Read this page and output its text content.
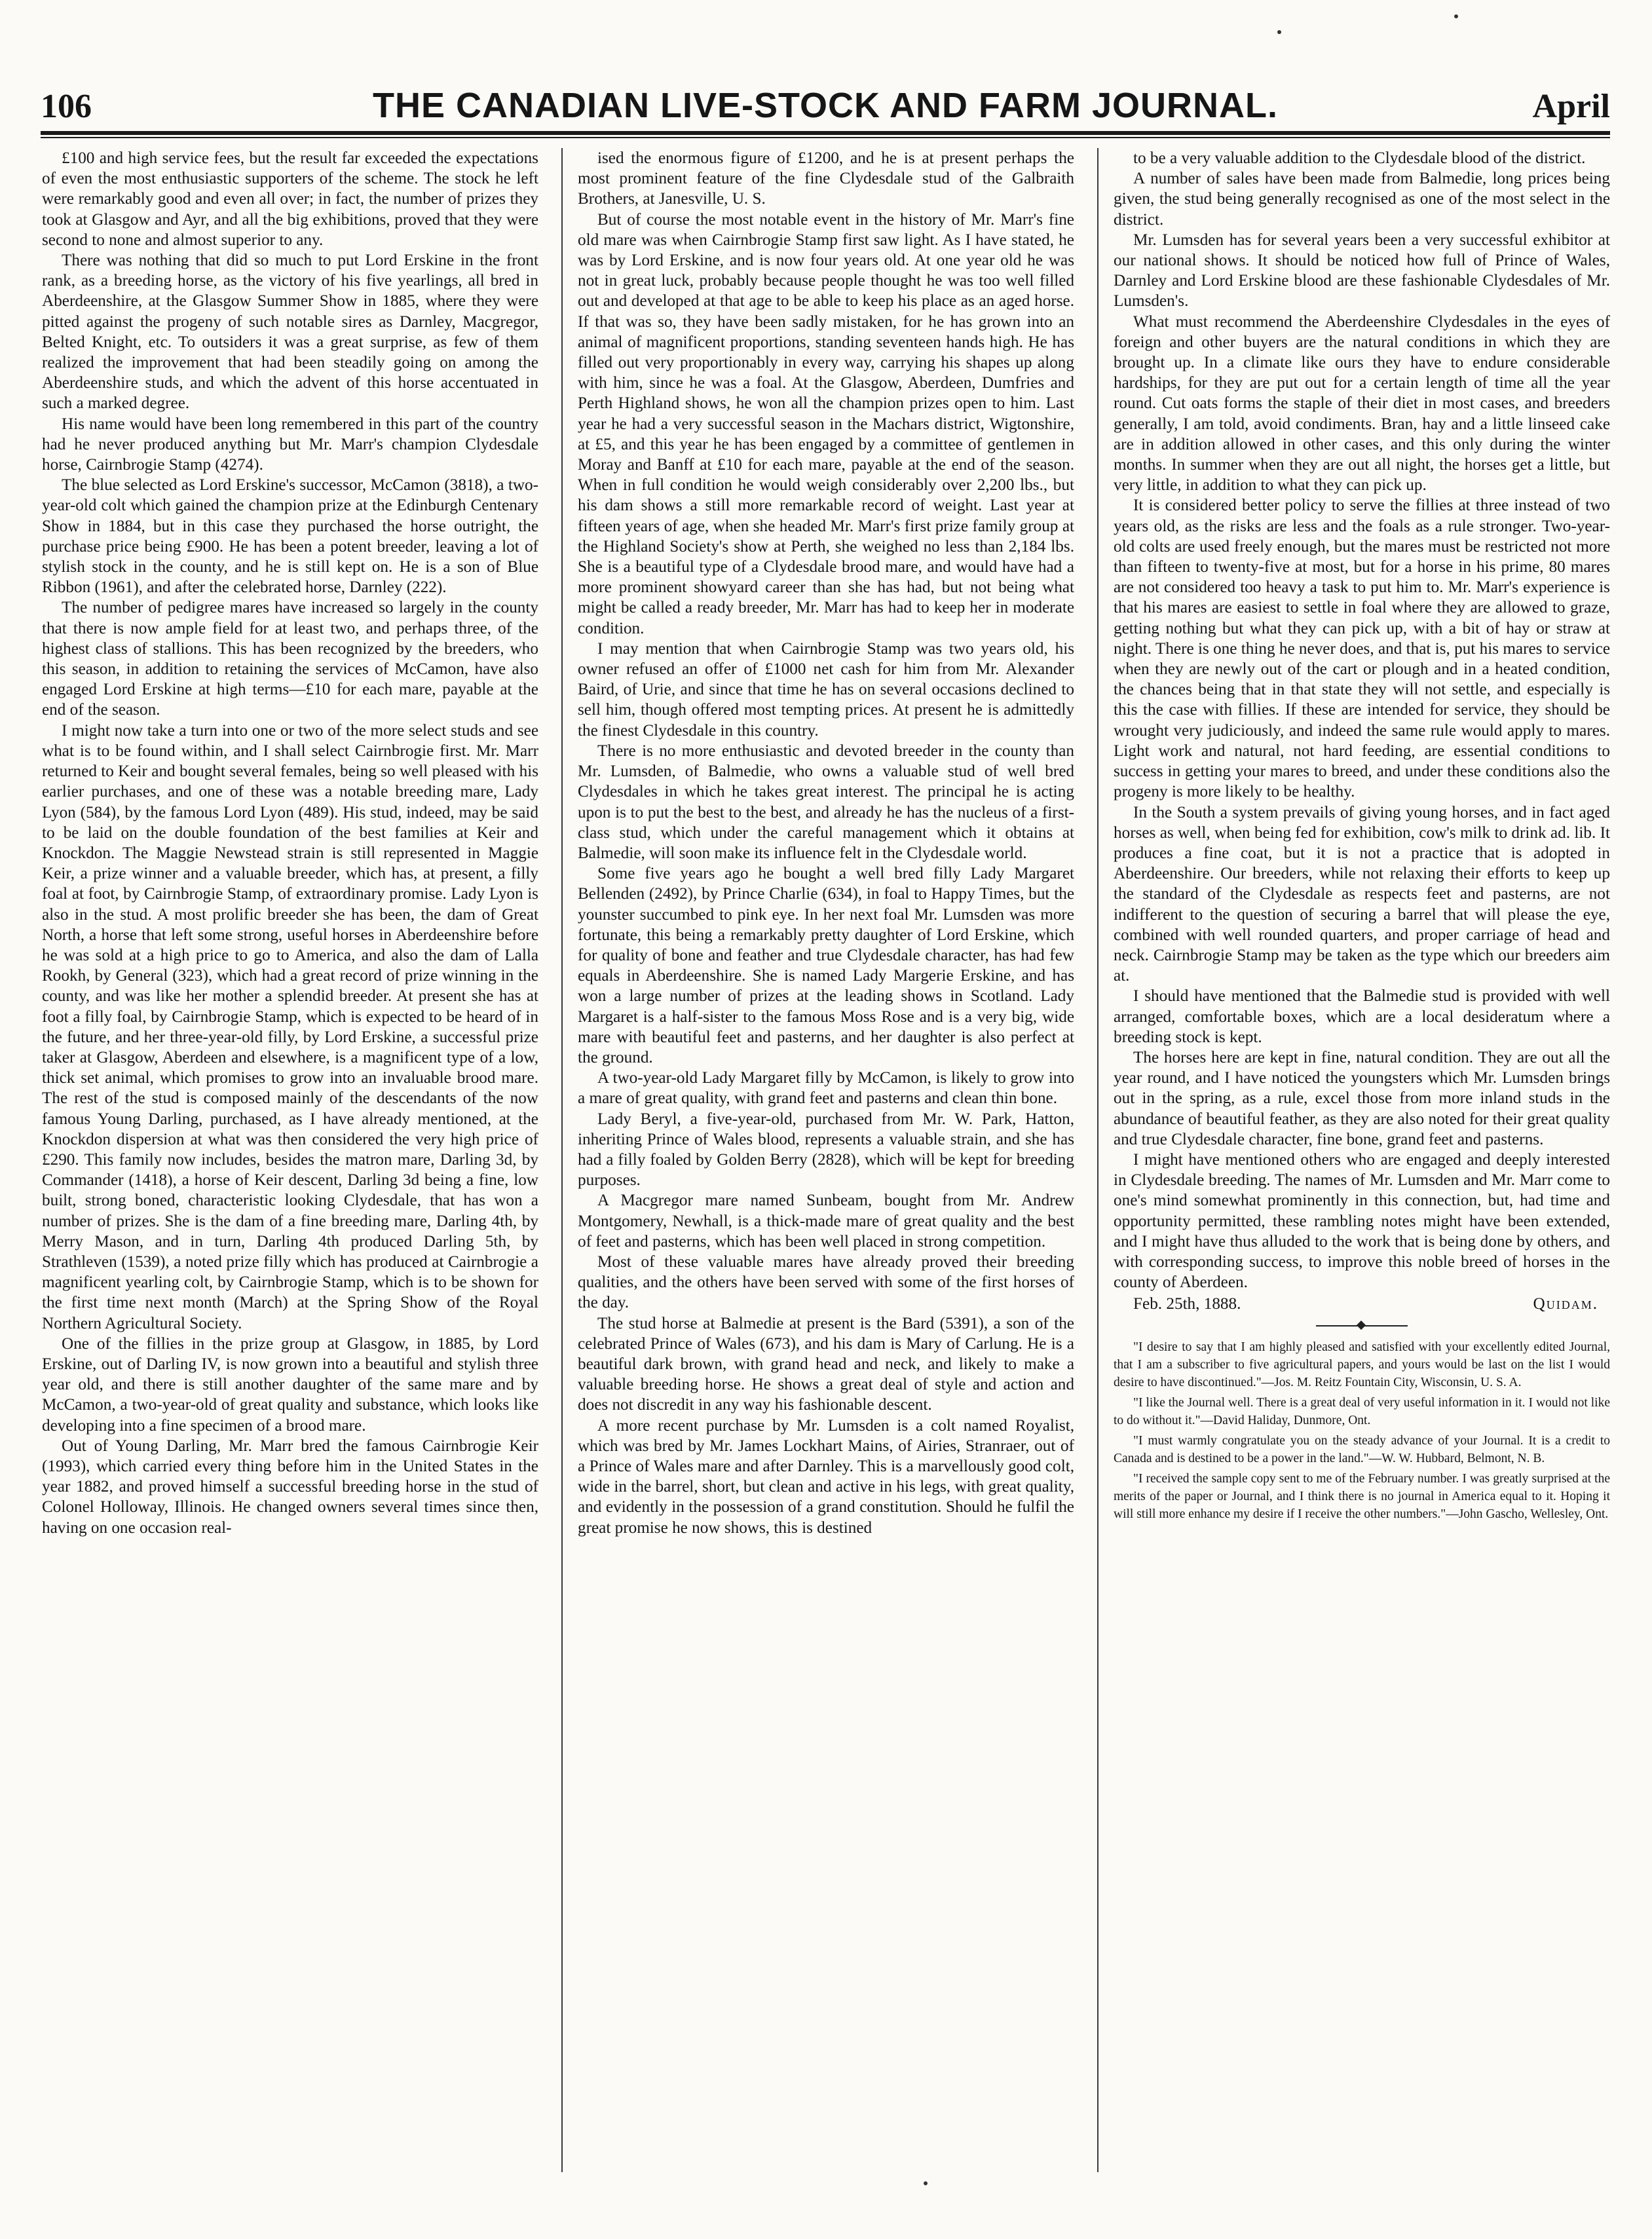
106	THE CANADIAN LIVE-STOCK AND FARM JOURNAL.	April

£100 and high service fees, but the result far exceeded the expectations of even the most enthusiastic supporters of the scheme. The stock he left were remarkably good and even all over; in fact, the number of prizes they took at Glasgow and Ayr, and all the big exhibitions, proved that they were second to none and almost superior to any.

There was nothing that did so much to put Lord Erskine in the front rank, as a breeding horse, as the victory of his five yearlings, all bred in Aberdeenshire, at the Glasgow Summer Show in 1885, where they were pitted against the progeny of such notable sires as Darnley, Macgregor, Belted Knight, etc. To outsiders it was a great surprise, as few of them realized the improvement that had been steadily going on among the Aberdeenshire studs, and which the advent of this horse accentuated in such a marked degree.

His name would have been long remembered in this part of the country had he never produced anything but Mr. Marr's champion Clydesdale horse, Cairnbrogie Stamp (4274).

The blue selected as Lord Erskine's successor, McCamon (3818), a two-year-old colt which gained the champion prize at the Edinburgh Centenary Show in 1884, but in this case they purchased the horse outright, the purchase price being £900. He has been a potent breeder, leaving a lot of stylish stock in the county, and he is still kept on. He is a son of Blue Ribbon (1961), and after the celebrated horse, Darnley (222).

The number of pedigree mares have increased so largely in the county that there is now ample field for at least two, and perhaps three, of the highest class of stallions. This has been recognized by the breeders, who this season, in addition to retaining the services of McCamon, have also engaged Lord Erskine at high terms—£10 for each mare, payable at the end of the season.

I might now take a turn into one or two of the more select studs and see what is to be found within, and I shall select Cairnbrogie first. Mr. Marr returned to Keir and bought several females, being so well pleased with his earlier purchases, and one of these was a notable breeding mare, Lady Lyon (584), by the famous Lord Lyon (489). His stud, indeed, may be said to be laid on the double foundation of the best families at Keir and Knockdon. The Maggie Newstead strain is still represented in Maggie Keir, a prize winner and a valuable breeder, which has, at present, a filly foal at foot, by Cairnbrogie Stamp, of extraordinary promise. Lady Lyon is also in the stud. A most prolific breeder she has been, the dam of Great North, a horse that left some strong, useful horses in Aberdeenshire before he was sold at a high price to go to America, and also the dam of Lalla Rookh, by General (323), which had a great record of prize winning in the county, and was like her mother a splendid breeder. At present she has at foot a filly foal, by Cairnbrogie Stamp, which is expected to be heard of in the future, and her three-year-old filly, by Lord Erskine, a successful prize taker at Glasgow, Aberdeen and elsewhere, is a magnificent type of a low, thick set animal, which promises to grow into an invaluable brood mare. The rest of the stud is composed mainly of the descendants of the now famous Young Darling, purchased, as I have already mentioned, at the Knockdon dispersion at what was then considered the very high price of £290. This family now includes, besides the matron mare, Darling 3d, by Commander (1418), a horse of Keir descent, Darling 3d being a fine, low built, strong boned, characteristic looking Clydesdale, that has won a number of prizes. She is the dam of a fine breeding mare, Darling 4th, by Merry Mason, and in turn, Darling 4th produced Darling 5th, by Strathleven (1539), a noted prize filly which has produced at Cairnbrogie a magnificent yearling colt, by Cairnbrogie Stamp, which is to be shown for the first time next month (March) at the Spring Show of the Royal Northern Agricultural Society.

One of the fillies in the prize group at Glasgow, in 1885, by Lord Erskine, out of Darling IV, is now grown into a beautiful and stylish three year old, and there is still another daughter of the same mare and by McCamon, a two-year-old of great quality and substance, which looks like developing into a fine specimen of a brood mare.

Out of Young Darling, Mr. Marr bred the famous Cairnbrogie Keir (1993), which carried every thing before him in the United States in the year 1882, and proved himself a successful breeding horse in the stud of Colonel Holloway, Illinois. He changed owners several times since then, having on one occasion real-

ised the enormous figure of £1200, and he is at present perhaps the most prominent feature of the fine Clydesdale stud of the Galbraith Brothers, at Janesville, U. S.

But of course the most notable event in the history of Mr. Marr's fine old mare was when Cairnbrogie Stamp first saw light. As I have stated, he was by Lord Erskine, and is now four years old. At one year old he was not in great luck, probably because people thought he was too well filled out and developed at that age to be able to keep his place as an aged horse. If that was so, they have been sadly mistaken, for he has grown into an animal of magnificent proportions, standing seventeen hands high. He has filled out very proportionably in every way, carrying his shapes up along with him, since he was a foal. At the Glasgow, Aberdeen, Dumfries and Perth Highland shows, he won all the champion prizes open to him. Last year he had a very successful season in the Machars district, Wigtonshire, at £5, and this year he has been engaged by a committee of gentlemen in Moray and Banff at £10 for each mare, payable at the end of the season. When in full condition he would weigh considerably over 2,200 lbs., but his dam shows a still more remarkable record of weight. Last year at fifteen years of age, when she headed Mr. Marr's first prize family group at the Highland Society's show at Perth, she weighed no less than 2,184 lbs. She is a beautiful type of a Clydesdale brood mare, and would have had a more prominent showyard career than she has had, but not being what might be called a ready breeder, Mr. Marr has had to keep her in moderate condition.

I may mention that when Cairnbrogie Stamp was two years old, his owner refused an offer of £1000 net cash for him from Mr. Alexander Baird, of Urie, and since that time he has on several occasions declined to sell him, though offered most tempting prices. At present he is admittedly the finest Clydesdale in this country.

There is no more enthusiastic and devoted breeder in the county than Mr. Lumsden, of Balmedie, who owns a valuable stud of well bred Clydesdales in which he takes great interest. The principal he is acting upon is to put the best to the best, and already he has the nucleus of a first-class stud, which under the careful management which it obtains at Balmedie, will soon make its influence felt in the Clydesdale world.

Some five years ago he bought a well bred filly Lady Margaret Bellenden (2492), by Prince Charlie (634), in foal to Happy Times, but the younster succumbed to pink eye. In her next foal Mr. Lumsden was more fortunate, this being a remarkably pretty daughter of Lord Erskine, which for quality of bone and feather and true Clydesdale character, has had few equals in Aberdeenshire. She is named Lady Margerie Erskine, and has won a large number of prizes at the leading shows in Scotland. Lady Margaret is a half-sister to the famous Moss Rose and is a very big, wide mare with beautiful feet and pasterns, and her daughter is also perfect at the ground.

A two-year-old Lady Margaret filly by McCamon, is likely to grow into a mare of great quality, with grand feet and pasterns and clean thin bone.

Lady Beryl, a five-year-old, purchased from Mr. W. Park, Hatton, inheriting Prince of Wales blood, represents a valuable strain, and she has had a filly foaled by Golden Berry (2828), which will be kept for breeding purposes.

A Macgregor mare named Sunbeam, bought from Mr. Andrew Montgomery, Newhall, is a thick-made mare of great quality and the best of feet and pasterns, which has been well placed in strong competition.

Most of these valuable mares have already proved their breeding qualities, and the others have been served with some of the first horses of the day.

The stud horse at Balmedie at present is the Bard (5391), a son of the celebrated Prince of Wales (673), and his dam is Mary of Carlung. He is a beautiful dark brown, with grand head and neck, and likely to make a valuable breeding horse. He shows a great deal of style and action and does not discredit in any way his fashionable descent.

A more recent purchase by Mr. Lumsden is a colt named Royalist, which was bred by Mr. James Lockhart Mains, of Airies, Stranraer, out of a Prince of Wales mare and after Darnley. This is a marvellously good colt, wide in the barrel, short, but clean and active in his legs, with great quality, and evidently in the possession of a grand constitution. Should he fulfil the great promise he now shows, this is destined

to be a very valuable addition to the Clydesdale blood of the district.

A number of sales have been made from Balmedie, long prices being given, the stud being generally recognised as one of the most select in the district.

Mr. Lumsden has for several years been a very successful exhibitor at our national shows. It should be noticed how full of Prince of Wales, Darnley and Lord Erskine blood are these fashionable Clydesdales of Mr. Lumsden's.

What must recommend the Aberdeenshire Clydesdales in the eyes of foreign and other buyers are the natural conditions in which they are brought up. In a climate like ours they have to endure considerable hardships, for they are put out for a certain length of time all the year round. Cut oats forms the staple of their diet in most cases, and breeders generally, I am told, avoid condiments. Bran, hay and a little linseed cake are in addition allowed in other cases, and this only during the winter months. In summer when they are out all night, the horses get a little, but very little, in addition to what they can pick up.

It is considered better policy to serve the fillies at three instead of two years old, as the risks are less and the foals as a rule stronger. Two-year-old colts are used freely enough, but the mares must be restricted not more than fifteen to twenty-five at most, but for a horse in his prime, 80 mares are not considered too heavy a task to put him to. Mr. Marr's experience is that his mares are easiest to settle in foal where they are allowed to graze, getting nothing but what they can pick up, with a bit of hay or straw at night. There is one thing he never does, and that is, put his mares to service when they are newly out of the cart or plough and in a heated condition, the chances being that in that state they will not settle, and especially is this the case with fillies. If these are intended for service, they should be wrought very judiciously, and indeed the same rule would apply to mares. Light work and natural, not hard feeding, are essential conditions to success in getting your mares to breed, and under these conditions also the progeny is more likely to be healthy.

In the South a system prevails of giving young horses, and in fact aged horses as well, when being fed for exhibition, cow's milk to drink ad. lib. It produces a fine coat, but it is not a practice that is adopted in Aberdeenshire. Our breeders, while not relaxing their efforts to keep up the standard of the Clydesdale as respects feet and pasterns, are not indifferent to the question of securing a barrel that will please the eye, combined with well rounded quarters, and proper carriage of head and neck. Cairnbrogie Stamp may be taken as the type which our breeders aim at.

I should have mentioned that the Balmedie stud is provided with well arranged, comfortable boxes, which are a local desideratum where a breeding stock is kept.

The horses here are kept in fine, natural condition. They are out all the year round, and I have noticed the youngsters which Mr. Lumsden brings out in the spring, as a rule, excel those from more inland studs in the abundance of beautiful feather, as they are also noted for their great quality and true Clydesdale character, fine bone, grand feet and pasterns.

I might have mentioned others who are engaged and deeply interested in Clydesdale breeding. The names of Mr. Lumsden and Mr. Marr come to one's mind somewhat prominently in this connection, but, had time and opportunity permitted, these rambling notes might have been extended, and I might have thus alluded to the work that is being done by others, and with corresponding success, to improve this noble breed of horses in the county of Aberdeen.

Feb. 25th, 1888.	Quidam.

"I desire to say that I am highly pleased and satisfied with your excellently edited Journal, that I am a subscriber to five agricultural papers, and yours would be last on the list I would desire to have discontinued."—Jos. M. Reitz Fountain City, Wisconsin, U. S. A.

"I like the Journal well. There is a great deal of very useful information in it. I would not like to do without it."—David Haliday, Dunmore, Ont.

"I must warmly congratulate you on the steady advance of your Journal. It is a credit to Canada and is destined to be a power in the land."—W. W. Hubbard, Belmont, N. B.

"I received the sample copy sent to me of the February number. I was greatly surprised at the merits of the paper or Journal, and I think there is no journal in America equal to it. Hoping it will still more enhance my desire if I receive the other numbers."—John Gascho, Wellesley, Ont.
